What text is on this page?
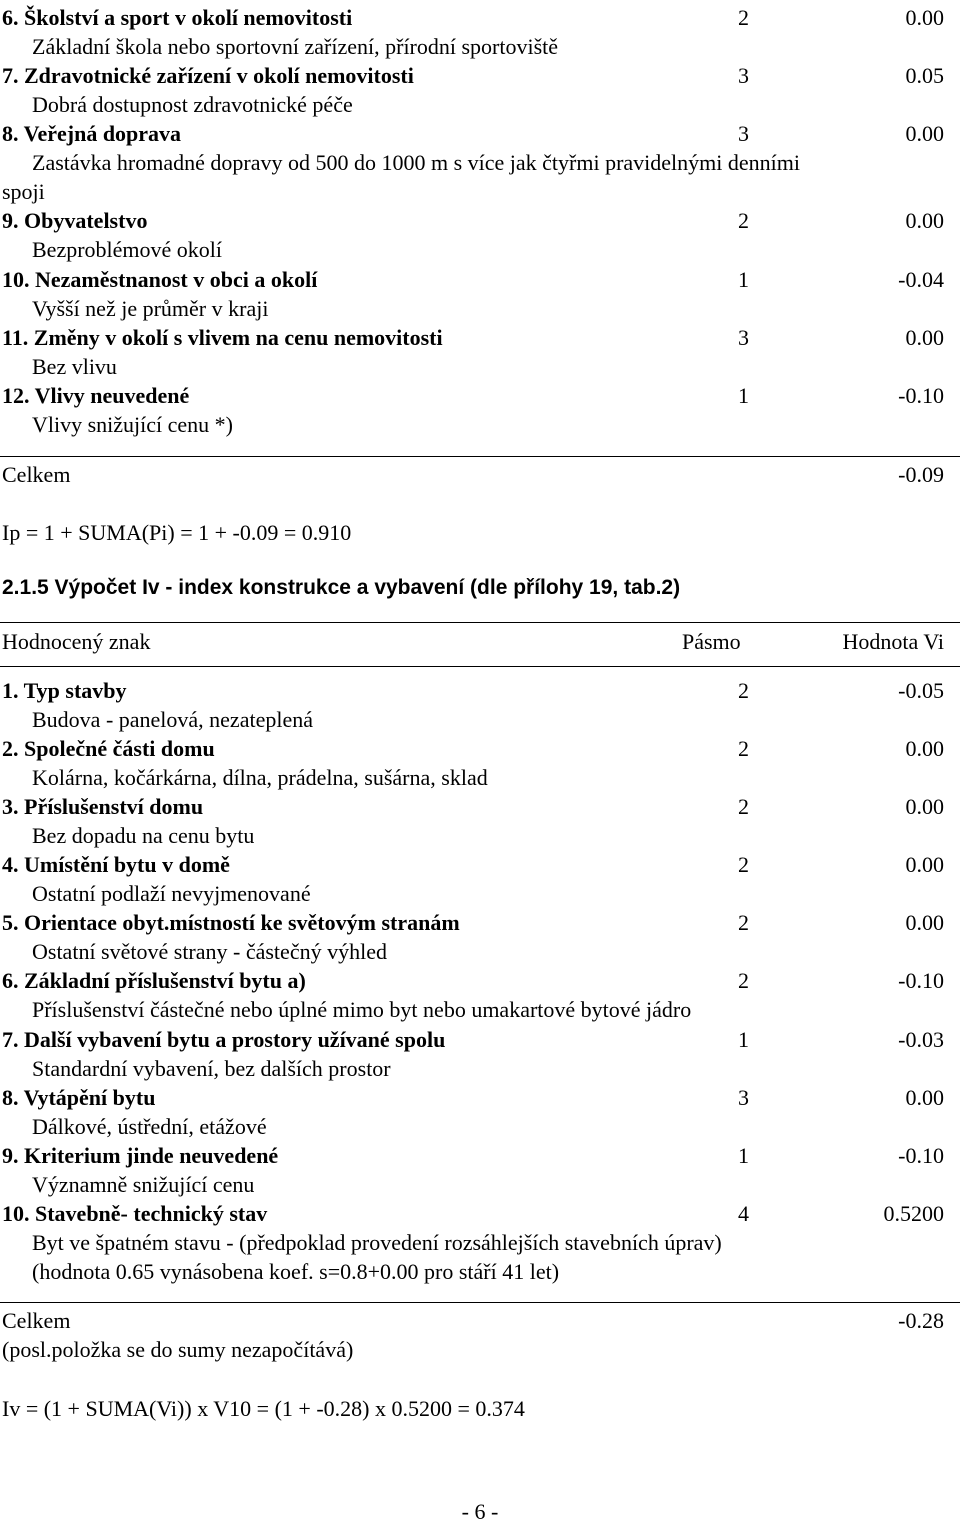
6. Školství a sport v okolí nemovitosti	2	0.00
Základní škola nebo sportovní zařízení, přírodní sportoviště
7. Zdravotnické zařízení v okolí nemovitosti	3	0.05
Dobrá dostupnost zdravotnické péče
8. Veřejná doprava	3	0.00
Zastávka hromadné dopravy od 500 do 1000 m s více jak čtyřmi pravidelnými denními
spoji
9. Obyvatelstvo	2	0.00
Bezproblémové okolí
10. Nezaměstnanost v obci a okolí	1	-0.04
Vyšší než je průměr v kraji
11. Změny v okolí s vlivem na cenu nemovitosti	3	0.00
Bez vlivu
12. Vlivy neuvedené	1	-0.10
Vlivy snižující cenu *)
Celkem	-0.09
Ip = 1 + SUMA(Pi) = 1 + -0.09 = 0.910
2.1.5 Výpočet Iv - index konstrukce a vybavení (dle přílohy 19, tab.2)
Hodnocený znak	Pásmo	Hodnota Vi
1. Typ stavby	2	-0.05
Budova - panelová, nezateplená
2. Společné části domu	2	0.00
Kolárna, kočárkárna, dílna, prádelna, sušárna, sklad
3. Příslušenství domu	2	0.00
Bez dopadu na cenu bytu
4. Umístění bytu v domě	2	0.00
Ostatní podlaží nevyjmenované
5. Orientace obyt.místností ke světovým stranám	2	0.00
Ostatní světové strany - částečný výhled
6. Základní příslušenství bytu a)	2	-0.10
Příslušenství částečné nebo úplné mimo byt nebo umakartové bytové jádro
7. Další vybavení bytu a prostory užívané spolu	1	-0.03
Standardní vybavení, bez dalších prostor
8. Vytápění bytu	3	0.00
Dálkové, ústřední, etážové
9. Kriterium jinde neuvedené	1	-0.10
Významně snižující cenu
10. Stavebně- technický stav	4	0.5200
Byt ve špatném stavu - (předpoklad provedení rozsáhlejších stavebních úprav)
(hodnota 0.65 vynásobena koef. s=0.8+0.00 pro stáří 41 let)
Celkem	-0.28
(posl.položka se do sumy nezapočítává)
Iv = (1 + SUMA(Vi)) x V10 = (1 + -0.28) x 0.5200 = 0.374
- 6 -
